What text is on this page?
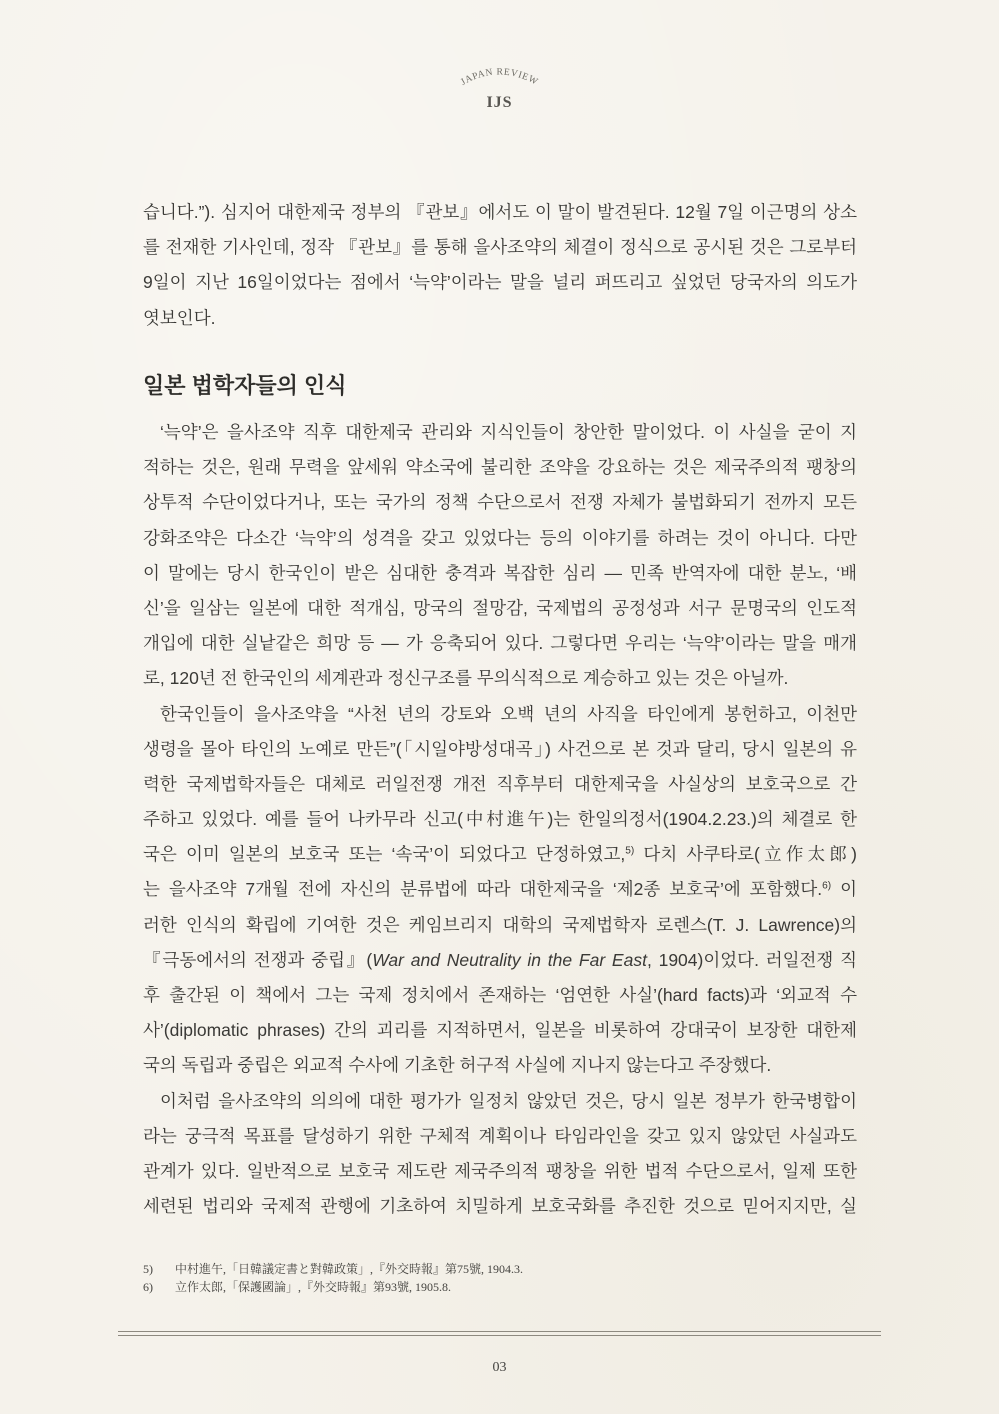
JAPAN REVIEW
IJS
습니다.”). 심지어 대한제국 정부의 『관보』에서도 이 말이 발견된다. 12월 7일 이근명의 상소
를 전재한 기사인데, 정작 『관보』를 통해 을사조약의 체결이 정식으로 공시된 것은 그로부터
9일이 지난 16일이었다는 점에서 ‘늑약’이라는 말을 널리 퍼뜨리고 싶었던 당국자의 의도가
엿보인다.
일본 법학자들의 인식
‘늑약’은 을사조약 직후 대한제국 관리와 지식인들이 창안한 말이었다. 이 사실을 굳이 지
적하는 것은, 원래 무력을 앞세워 약소국에 불리한 조약을 강요하는 것은 제국주의적 팽창의
상투적 수단이었다거나, 또는 국가의 정책 수단으로서 전쟁 자체가 불법화되기 전까지 모든
강화조약은 다소간 ‘늑약’의 성격을 갖고 있었다는 등의 이야기를 하려는 것이 아니다. 다만
이 말에는 당시 한국인이 받은 심대한 충격과 복잡한 심리 — 민족 반역자에 대한 분노, ‘배
신’을 일삼는 일본에 대한 적개심, 망국의 절망감, 국제법의 공정성과 서구 문명국의 인도적
개입에 대한 실낱같은 희망 등 — 가 응축되어 있다. 그렇다면 우리는 ‘늑약’이라는 말을 매개
로, 120년 전 한국인의 세계관과 정신구조를 무의식적으로 계승하고 있는 것은 아닐까.
한국인들이 을사조약을 “사천 년의 강토와 오백 년의 사직을 타인에게 봉헌하고, 이천만
생령을 몰아 타인의 노예로 만든”(「시일야방성대곡」) 사건으로 본 것과 달리, 당시 일본의 유
력한 국제법학자들은 대체로 러일전쟁 개전 직후부터 대한제국을 사실상의 보호국으로 간
주하고 있었다. 예를 들어 나카무라 신고(中村進午)는 한일의정서(1904.2.23.)의 체결로 한
국은 이미 일본의 보호국 또는 ‘속국’이 되었다고 단정하였고,$^{5)}$ 다치 사쿠타로(立作太郎)
는 을사조약 7개월 전에 자신의 분류법에 따라 대한제국을 ‘제2종 보호국’에 포함했다.$^{6)}$ 이
러한 인식의 확립에 기여한 것은 케임브리지 대학의 국제법학자 로렌스(T. J. Lawrence)의
『극동에서의 전쟁과 중립』(War and Neutrality in the Far East, 1904)이었다. 러일전쟁 직
후 출간된 이 책에서 그는 국제 정치에서 존재하는 ‘엄연한 사실’(hard facts)과 ‘외교적 수
사’(diplomatic phrases) 간의 괴리를 지적하면서, 일본을 비롯하여 강대국이 보장한 대한제
국의 독립과 중립은 외교적 수사에 기초한 허구적 사실에 지나지 않는다고 주장했다.
이처럼 을사조약의 의의에 대한 평가가 일정치 않았던 것은, 당시 일본 정부가 한국병합이
라는 궁극적 목표를 달성하기 위한 구체적 계획이나 타임라인을 갖고 있지 않았던 사실과도
관계가 있다. 일반적으로 보호국 제도란 제국주의적 팽창을 위한 법적 수단으로서, 일제 또한
세련된 법리와 국제적 관행에 기초하여 치밀하게 보호국화를 추진한 것으로 믿어지지만, 실
5) 中村進午,「日韓議定書と對韓政策」,『外交時報』第75號, 1904.3.
6) 立作太郎,「保護國論」,『外交時報』第93號, 1905.8.
03
